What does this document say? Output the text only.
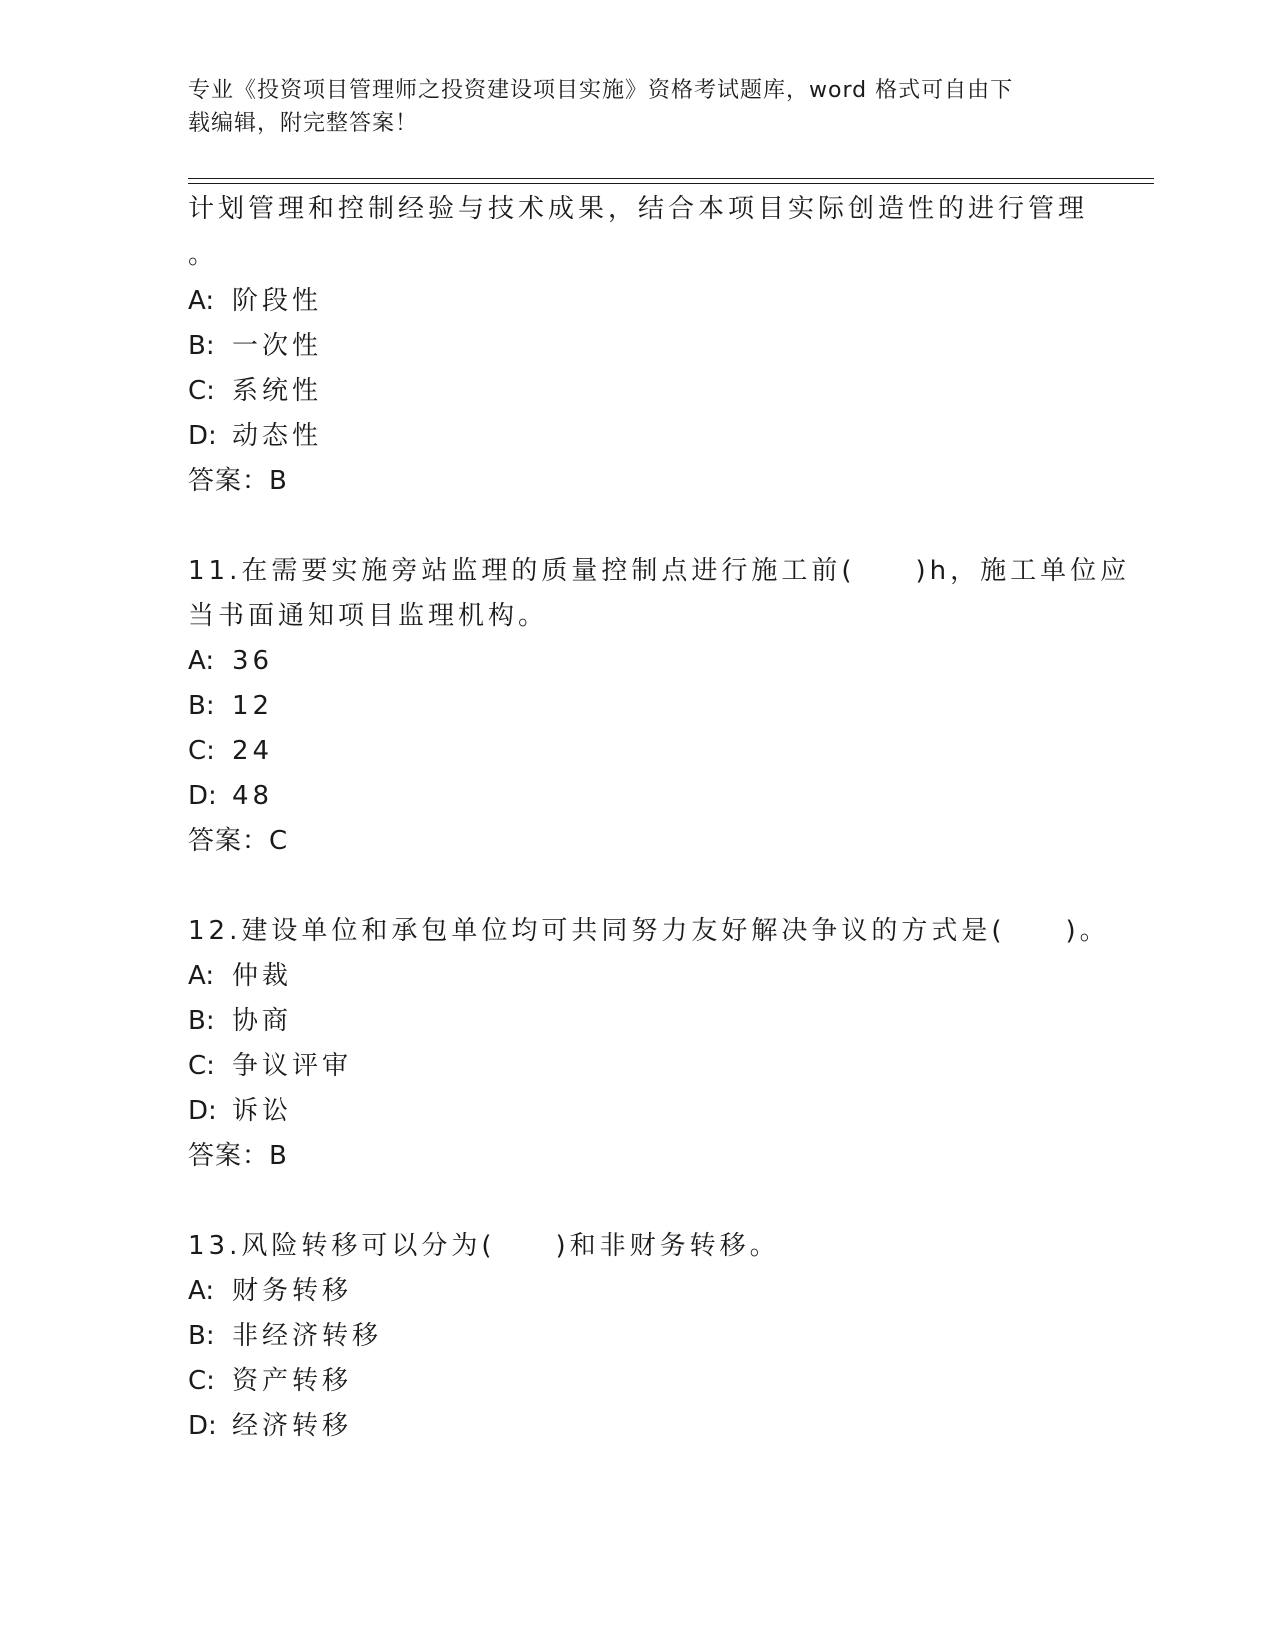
专业《投资项目管理师之投资建设项目实施》资格考试题库，word 格式可自由下
载编辑，附完整答案！
计划管理和控制经验与技术成果，结合本项目实际创造性的进行管理
。
A: 阶段性
B: 一次性
C: 系统性
D: 动态性
答案：B
11.在需要实施旁站监理的质量控制点进行施工前(　　)h，施工单位应
当书面通知项目监理机构。
A: 36
B: 12
C: 24
D: 48
答案：C
12.建设单位和承包单位均可共同努力友好解决争议的方式是(　　)。
A: 仲裁
B: 协商
C: 争议评审
D: 诉讼
答案：B
13.风险转移可以分为(　　)和非财务转移。
A: 财务转移
B: 非经济转移
C: 资产转移
D: 经济转移
